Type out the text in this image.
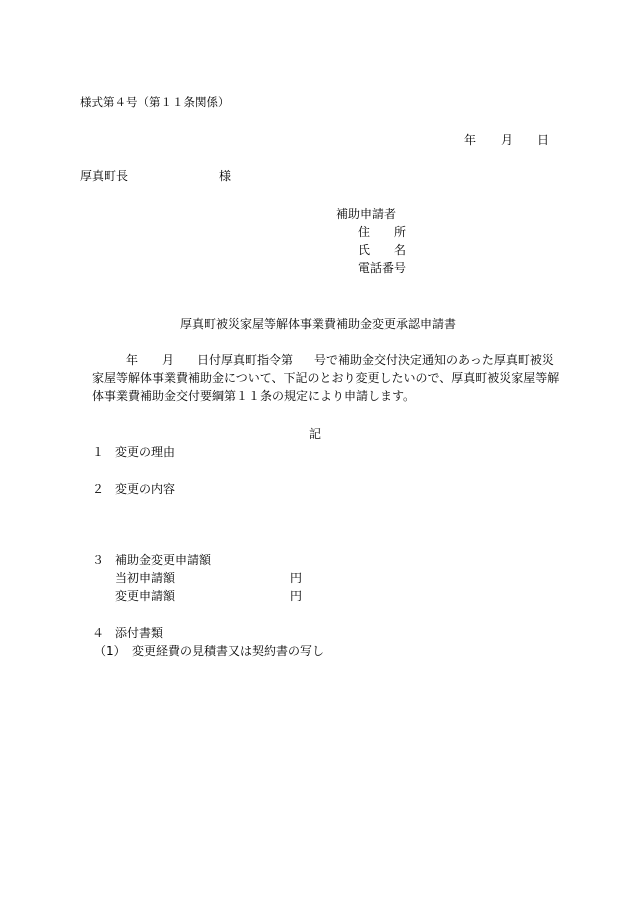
様式第４号（第１１条関係）
年 月 日
厚真町長	様
補助申請者
住　　所
氏　　名
電話番号
厚真町被災家屋等解体事業費補助金変更承認申請書
年 月 日付厚真町指令第 号で補助金交付決定通知のあった厚真町被災
家屋等解体事業費補助金について、下記のとおり変更したいので、厚真町被災家屋等解
体事業費補助金交付要綱第１１条の規定により申請します。
記
１ 変更の理由
２ 変更の内容
３ 補助金変更申請額
当初申請額	円
変更申請額	円
４ 添付書類
（1） 変更経費の見積書又は契約書の写し
